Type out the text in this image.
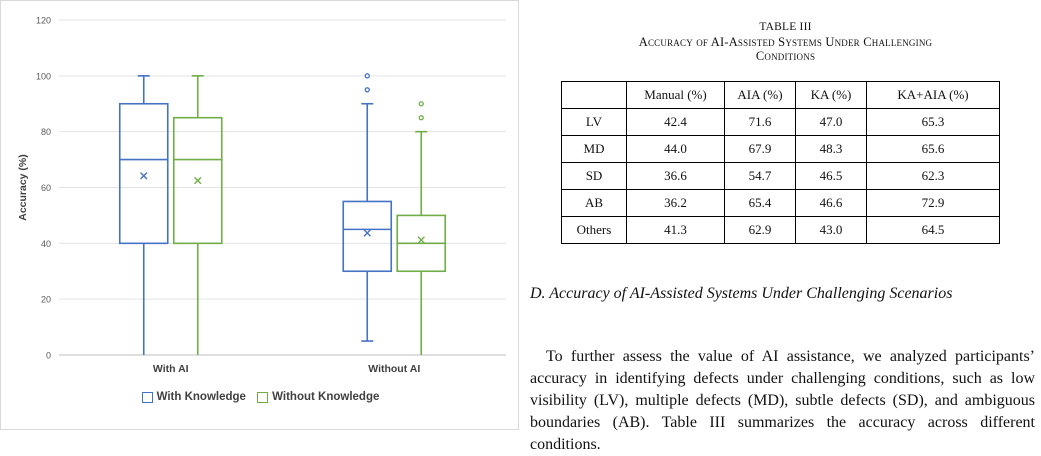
0
20
40
60
80
100
120
Accuracy (%)
With AI	Without AI
With Knowledge
Without Knowledge
TABLE III
Accuracy of AI-Assisted Systems Under Challenging
Conditions
	Manual (%)	AIA (%)	KA (%)	KA+AIA (%)
LV	42.4	71.6	47.0	65.3
MD	44.0	67.9	48.3	65.6
SD	36.6	54.7	46.5	62.3
AB	36.2	65.4	46.6	72.9
Others	41.3	62.9	43.0	64.5
D. Accuracy of AI-Assisted Systems Under Challenging Scenarios

To further assess the value of AI assistance, we analyzed participants’ accuracy in identifying defects under challenging conditions, such as low visibility (LV), multiple defects (MD), subtle defects (SD), and ambiguous boundaries (AB). Table III summarizes the accuracy across different conditions.
